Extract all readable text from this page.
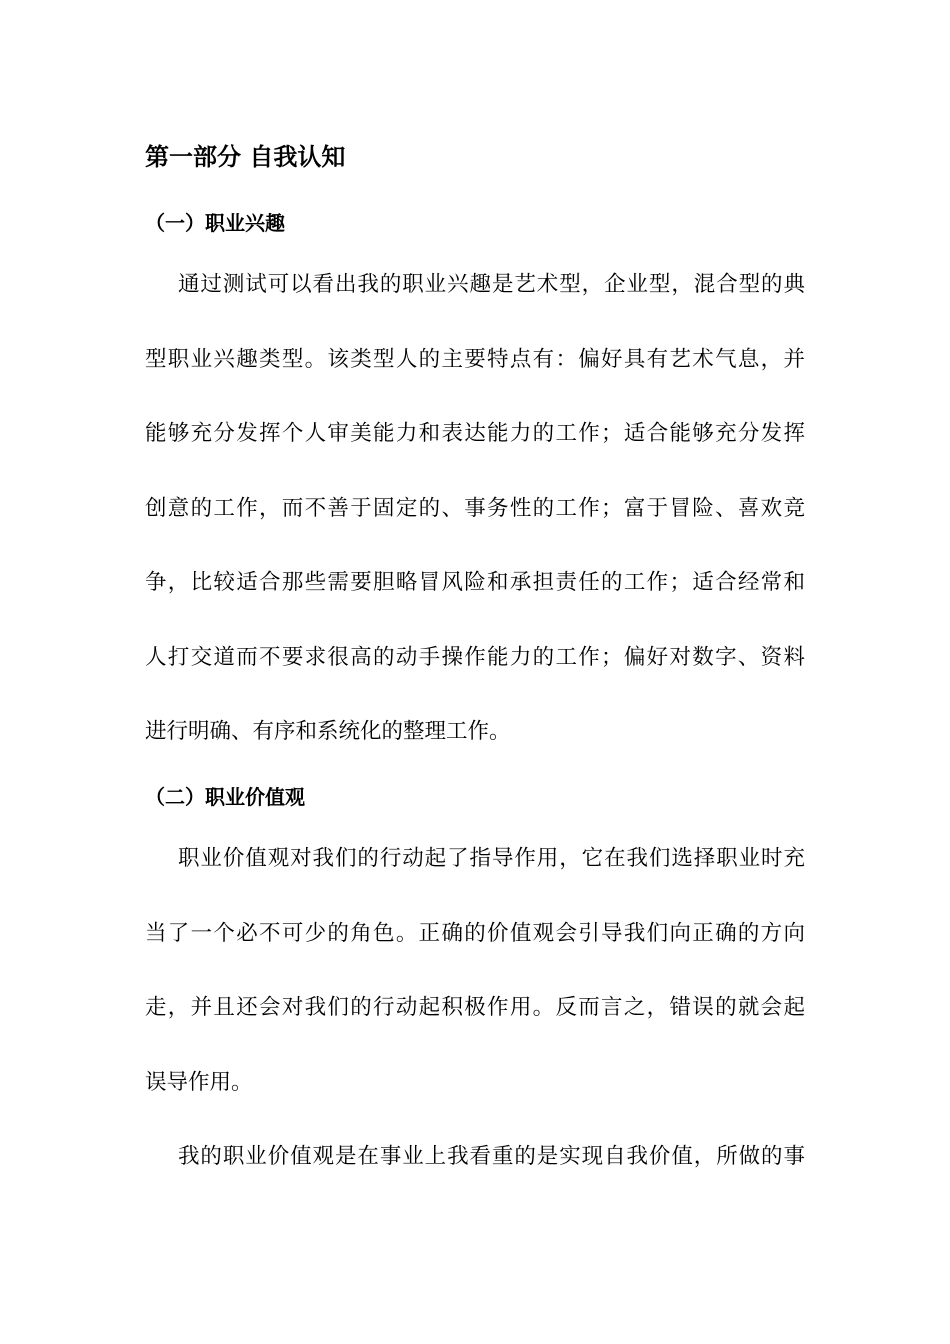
第一部分 自我认知
（一）职业兴趣
通过测试可以看出我的职业兴趣是艺术型，企业型，混合型的典
型职业兴趣类型。该类型人的主要特点有：偏好具有艺术气息，并
能够充分发挥个人审美能力和表达能力的工作；适合能够充分发挥
创意的工作，而不善于固定的、事务性的工作；富于冒险、喜欢竞
争，比较适合那些需要胆略冒风险和承担责任的工作；适合经常和
人打交道而不要求很高的动手操作能力的工作；偏好对数字、资料
进行明确、有序和系统化的整理工作。
（二）职业价值观
职业价值观对我们的行动起了指导作用，它在我们选择职业时充
当了一个必不可少的角色。正确的价值观会引导我们向正确的方向
走，并且还会对我们的行动起积极作用。反而言之，错误的就会起
误导作用。
我的职业价值观是在事业上我看重的是实现自我价值，所做的事
